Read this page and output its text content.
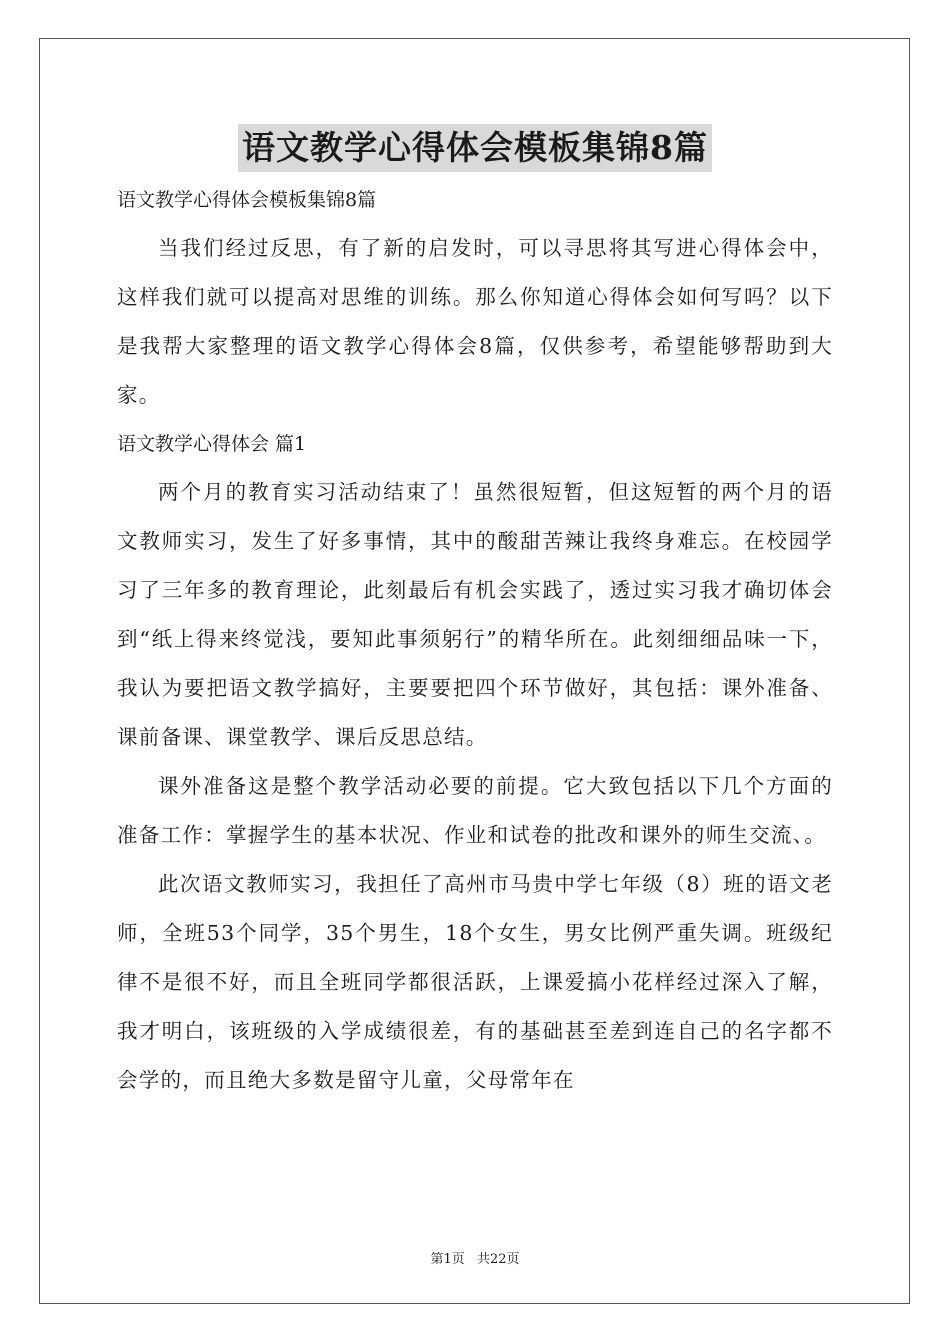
语文教学心得体会模板集锦8篇

语文教学心得体会模板集锦8篇

当我们经过反思，有了新的启发时，可以寻思将其写进心得体会中，这样我们就可以提高对思维的训练。那么你知道心得体会如何写吗？以下是我帮大家整理的语文教学心得体会8篇，仅供参考，希望能够帮助到大家。

语文教学心得体会 篇1

两个月的教育实习活动结束了！虽然很短暂，但这短暂的两个月的语文教师实习，发生了好多事情，其中的酸甜苦辣让我终身难忘。在校园学习了三年多的教育理论，此刻最后有机会实践了，透过实习我才确切体会到“纸上得来终觉浅，要知此事须躬行”的精华所在。此刻细细品味一下，我认为要把语文教学搞好，主要要把四个环节做好，其包括：课外准备、课前备课、课堂教学、课后反思总结。

课外准备这是整个教学活动必要的前提。它大致包括以下几个方面的准备工作：掌握学生的基本状况、作业和试卷的批改和课外的师生交流、。

此次语文教师实习，我担任了高州市马贵中学七年级（8）班的语文老师，全班53个同学，35个男生，18个女生，男女比例严重失调。班级纪律不是很不好，而且全班同学都很活跃，上课爱搞小花样经过深入了解，我才明白，该班级的入学成绩很差，有的基础甚至差到连自己的名字都不会学的，而且绝大多数是留守儿童，父母常年在

第1页 共22页
